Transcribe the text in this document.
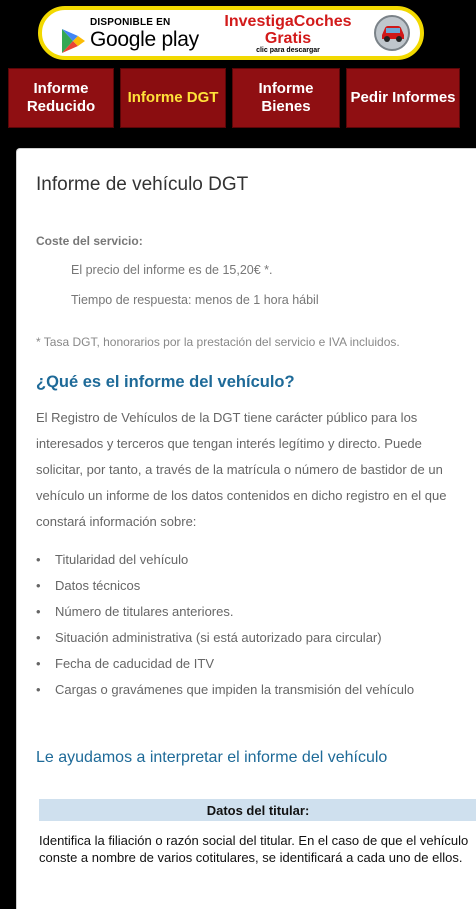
DISPONIBLE EN
Google play
InvestigaCoches Gratis
clic para descargar
Informe Reducido
Informe DGT
Informe Bienes
Pedir Informes
Informe de vehículo DGT
Coste del servicio:
El precio del informe es de 15,20€ *.
Tiempo de respuesta: menos de 1 hora hábil
* Tasa DGT, honorarios por la prestación del servicio e IVA incluidos.
¿Qué es el informe del vehículo?
El Registro de Vehículos de la DGT tiene carácter público para los interesados y terceros que tengan interés legítimo y directo. Puede solicitar, por tanto, a través de la matrícula o número de bastidor de un vehículo un informe de los datos contenidos en dicho registro en el que constará información sobre:
• Titularidad del vehículo
• Datos técnicos
• Número de titulares anteriores.
• Situación administrativa (si está autorizado para circular)
• Fecha de caducidad de ITV
• Cargas o gravámenes que impiden la transmisión del vehículo
Le ayudamos a interpretar el informe del vehículo
Datos del titular:
Identifica la filiación o razón social del titular. En el caso de que el vehículo conste a nombre de varios cotitulares, se identificará a cada uno de ellos.
